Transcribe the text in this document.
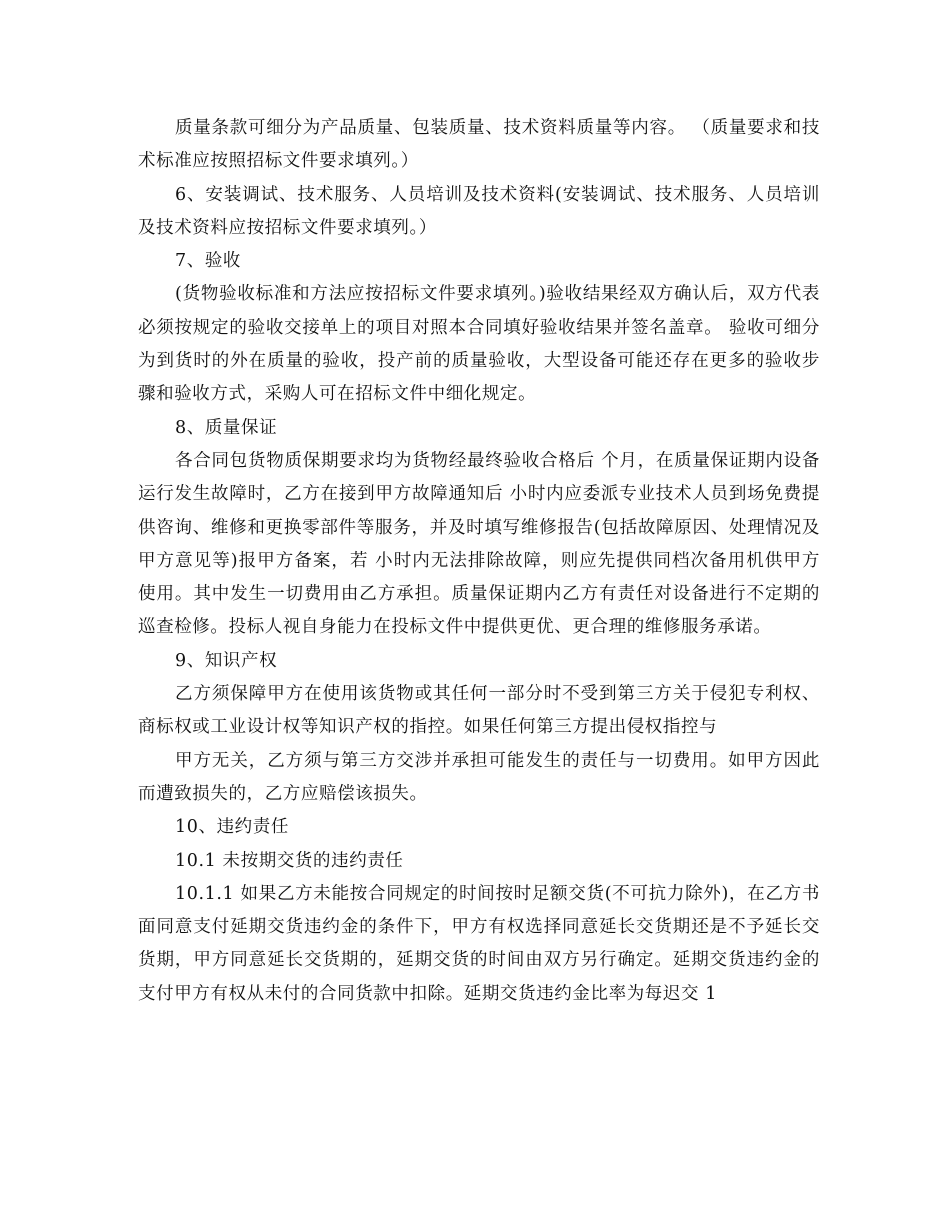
质量条款可细分为产品质量、包装质量、技术资料质量等内容。 （质量要求和技术标准应按照招标文件要求填列。）

6、安装调试、技术服务、人员培训及技术资料(安装调试、技术服务、人员培训及技术资料应按招标文件要求填列。）

7、验收

(货物验收标准和方法应按招标文件要求填列。)验收结果经双方确认后，双方代表必须按规定的验收交接单上的项目对照本合同填好验收结果并签名盖章。 验收可细分为到货时的外在质量的验收，投产前的质量验收，大型设备可能还存在更多的验收步骤和验收方式，采购人可在招标文件中细化规定。

8、质量保证

各合同包货物质保期要求均为货物经最终验收合格后 个月，在质量保证期内设备运行发生故障时，乙方在接到甲方故障通知后 小时内应委派专业技术人员到场免费提供咨询、维修和更换零部件等服务，并及时填写维修报告(包括故障原因、处理情况及甲方意见等)报甲方备案，若 小时内无法排除故障，则应先提供同档次备用机供甲方使用。其中发生一切费用由乙方承担。质量保证期内乙方有责任对设备进行不定期的巡查检修。投标人视自身能力在投标文件中提供更优、更合理的维修服务承诺。

9、知识产权

乙方须保障甲方在使用该货物或其任何一部分时不受到第三方关于侵犯专利权、商标权或工业设计权等知识产权的指控。如果任何第三方提出侵权指控与

甲方无关，乙方须与第三方交涉并承担可能发生的责任与一切费用。如甲方因此而遭致损失的，乙方应赔偿该损失。

10、违约责任

10.1 未按期交货的违约责任

10.1.1 如果乙方未能按合同规定的时间按时足额交货(不可抗力除外)，在乙方书面同意支付延期交货违约金的条件下，甲方有权选择同意延长交货期还是不予延长交货期，甲方同意延长交货期的，延期交货的时间由双方另行确定。延期交货违约金的支付甲方有权从未付的合同货款中扣除。延期交货违约金比率为每迟交 1
